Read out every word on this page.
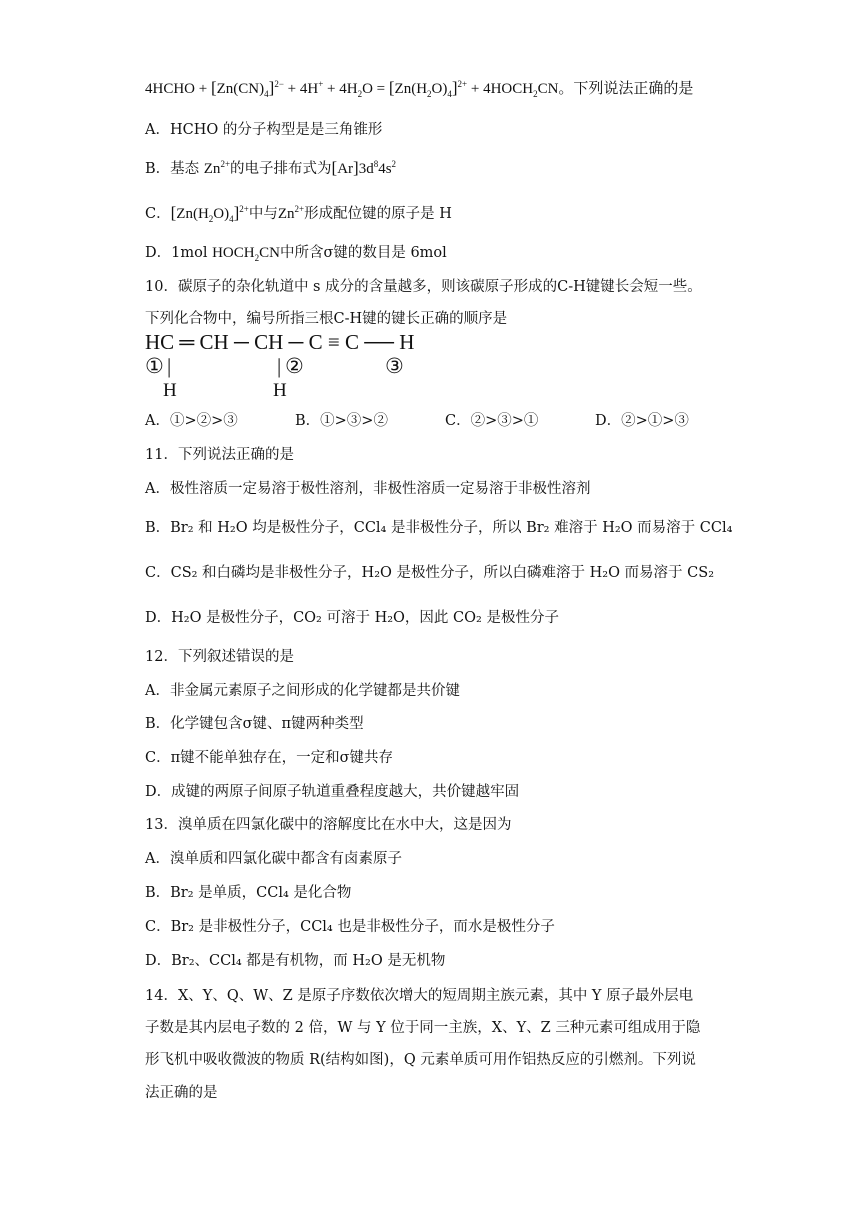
4HCHO + $[Zn(CN)_4]^{2-} + 4H^+ + 4H_2O = [Zn(H_2O)_4]^{2+}$ + $4HOCH_2CN$。下列说法正确的是
A．HCHO 的分子构型是是三角锥形
B．基态 $Zn^{2+}$的电子排布式为$[Ar]3d^84s^2$
C．$[Zn(H_2O)_4]^{2+}$中与$Zn^{2+}$形成配位键的原子是 H
D．1mol $HOCH_2CN$中所含σ键的数目是 6mol
10．碳原子的杂化轨道中 s 成分的含量越多，则该碳原子形成的C-H键键长会短一些。
下列化合物中，编号所指三根C-H键的键长正确的顺序是
HC ═ CH ─ CH ─ C ≡ C ── H
① |
H
| ②
H
③
A．①>②>③	B．①>③>②	C．②>③>①	D．②>①>③
11．下列说法正确的是
A．极性溶质一定易溶于极性溶剂，非极性溶质一定易溶于非极性溶剂
B．Br₂ 和 H₂O 均是极性分子，CCl₄ 是非极性分子，所以 Br₂ 难溶于 H₂O 而易溶于 CCl₄
C．CS₂ 和白磷均是非极性分子，H₂O 是极性分子，所以白磷难溶于 H₂O 而易溶于 CS₂
D．H₂O 是极性分子，CO₂ 可溶于 H₂O，因此 CO₂ 是极性分子
12．下列叙述错误的是
A．非金属元素原子之间形成的化学键都是共价键
B．化学键包含σ键、π键两种类型
C．π键不能单独存在，一定和σ键共存
D．成键的两原子间原子轨道重叠程度越大，共价键越牢固
13．溴单质在四氯化碳中的溶解度比在水中大，这是因为
A．溴单质和四氯化碳中都含有卤素原子
B．Br₂ 是单质，CCl₄ 是化合物
C．Br₂ 是非极性分子，CCl₄ 也是非极性分子，而水是极性分子
D．Br₂、CCl₄ 都是有机物，而 H₂O 是无机物
14．X、Y、Q、W、Z 是原子序数依次增大的短周期主族元素，其中 Y 原子最外层电
子数是其内层电子数的 2 倍，W 与 Y 位于同一主族，X、Y、Z 三种元素可组成用于隐
形飞机中吸收微波的物质 R(结构如图)，Q 元素单质可用作铝热反应的引燃剂。下列说
法正确的是
